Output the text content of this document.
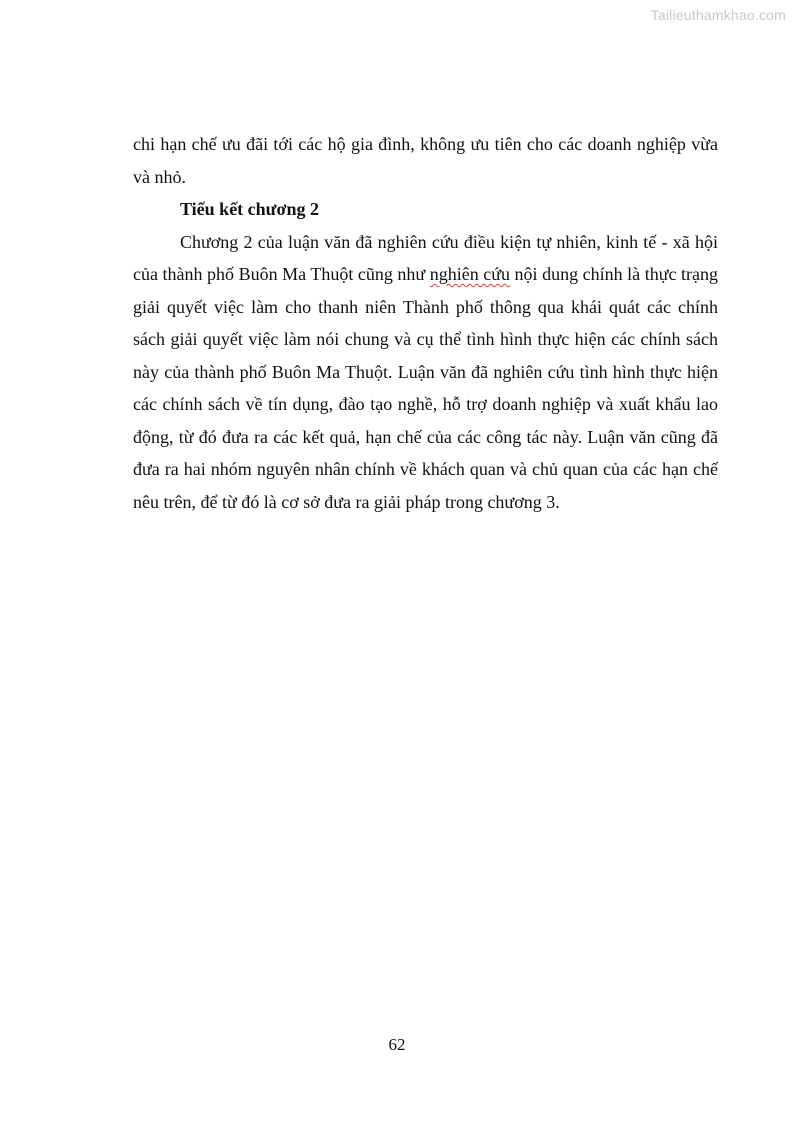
Tailieuthamkhao.com

chi hạn chế ưu đãi tới các hộ gia đình, không ưu tiên cho các doanh nghiệp vừa và nhỏ.

Tiểu kết chương 2

Chương 2 của luận văn đã nghiên cứu điều kiện tự nhiên, kinh tế - xã hội của thành phố Buôn Ma Thuột cũng như nghiên cứu nội dung chính là thực trạng giải quyết việc làm cho thanh niên Thành phố thông qua khái quát các chính sách giải quyết việc làm nói chung và cụ thể tình hình thực hiện các chính sách này của thành phố Buôn Ma Thuột. Luận văn đã nghiên cứu tình hình thực hiện các chính sách về tín dụng, đào tạo nghề, hỗ trợ doanh nghiệp và xuất khẩu lao động, từ đó đưa ra các kết quả, hạn chế của các công tác này. Luận văn cũng đã đưa ra hai nhóm nguyên nhân chính về khách quan và chủ quan của các hạn chế nêu trên, để từ đó là cơ sở đưa ra giải pháp trong chương 3.

62
